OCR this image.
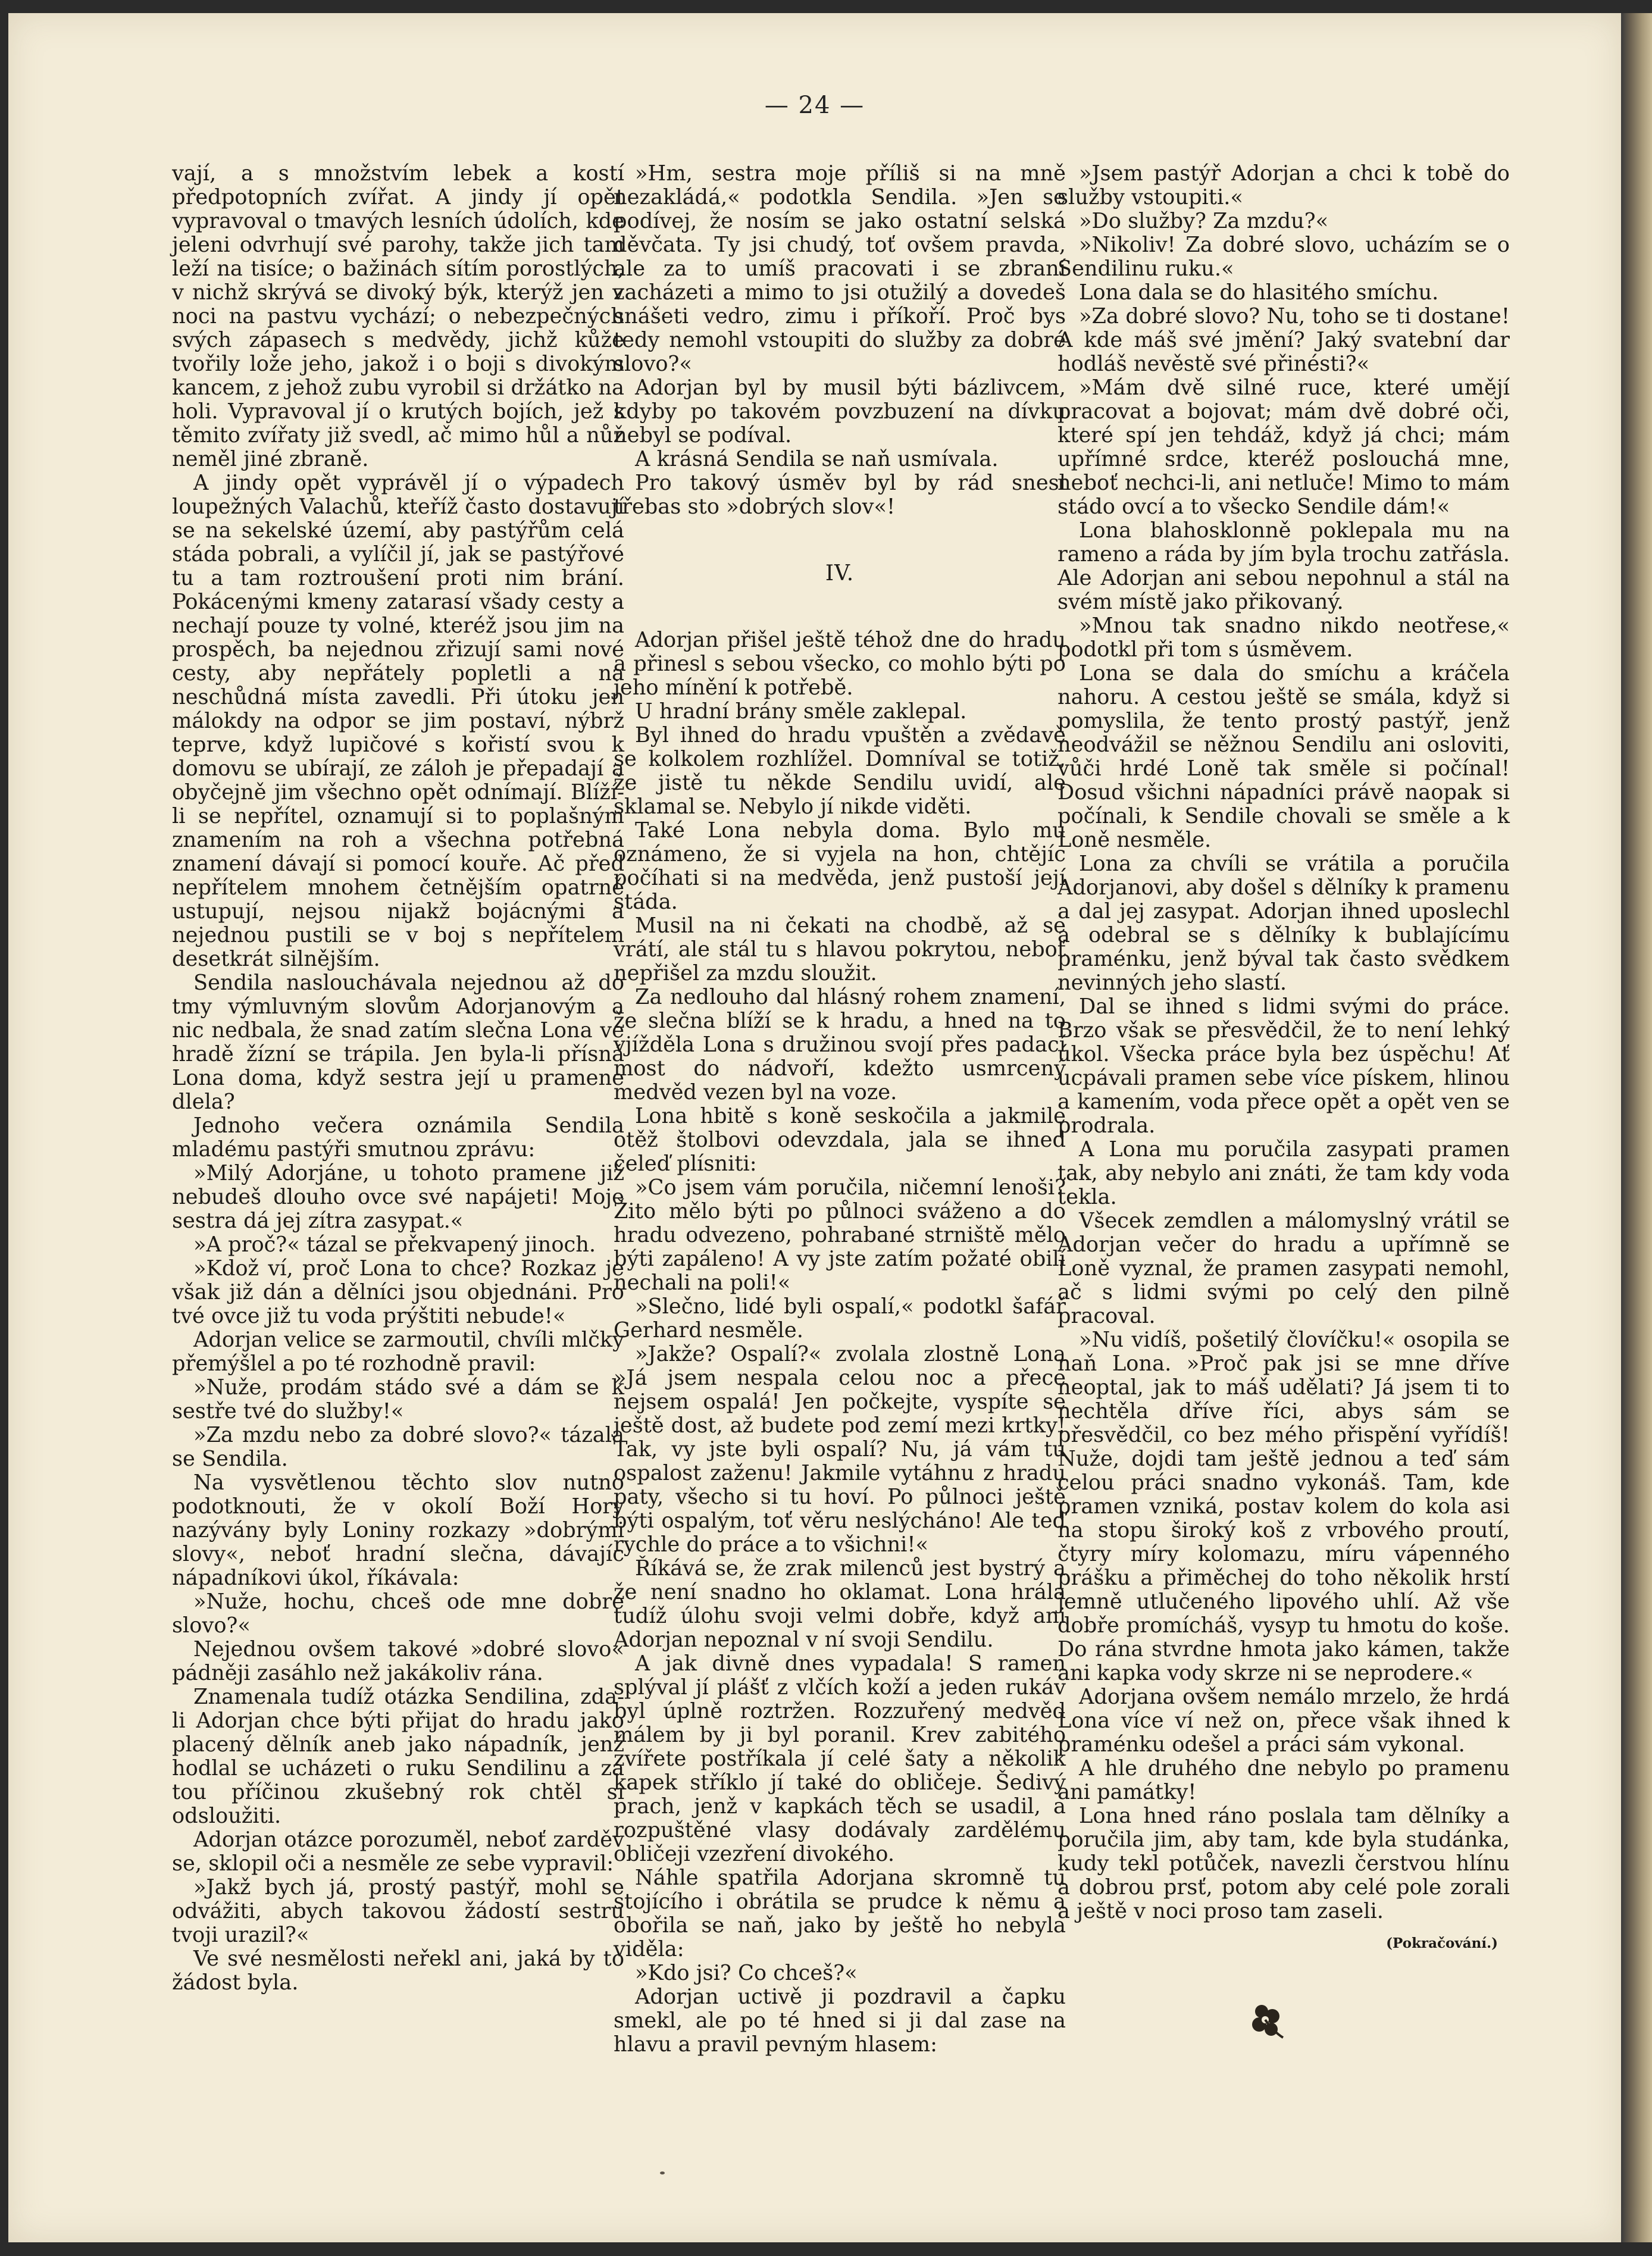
— 24 —

vají, a s množstvím lebek a kostí předpotopních zvířat. A jindy jí opět vypravoval o tmavých lesních údolích, kde jeleni odvrhují své parohy, takže jich tam leží na tisíce; o bažinách sítím porostlých, v nichž skrývá se divoký býk, kterýž jen v noci na pastvu vychází; o nebezpečných svých zápasech s medvědy, jichž kůže tvořily lože jeho, jakož i o boji s divokým kancem, z jehož zubu vyrobil si držátko na holi. Vypravoval jí o krutých bojích, jež s těmito zvířaty již svedl, ač mimo hůl a nůž neměl jiné zbraně.

A jindy opět vyprávěl jí o výpadech loupežných Valachů, kteříž často dostavují se na sekelské území, aby pastýřům celá stáda pobrali, a vylíčil jí, jak se pastýřové tu a tam roztroušení proti nim brání. Pokácenými kmeny zatarasí všady cesty a nechají pouze ty volné, kteréž jsou jim na prospěch, ba nejednou zřizují sami nové cesty, aby nepřátely popletli a na neschůdná místa zavedli. Při útoku jen málokdy na odpor se jim postaví, nýbrž teprve, když lupičové s kořistí svou k domovu se ubírají, ze záloh je přepadají a obyčejně jim všechno opět odnímají. Blíží-li se nepřítel, oznamují si to poplašným znamením na roh a všechna potřebná znamení dávají si pomocí kouře. Ač před nepřítelem mnohem četnějším opatrně ustupují, nejsou nijakž bojácnými a nejednou pustili se v boj s nepřítelem desetkrát silnějším.

Sendila naslouchávala nejednou až do tmy výmluvným slovům Adorjanovým a nic nedbala, že snad zatím slečna Lona ve hradě žízní se trápila. Jen byla-li přísná Lona doma, když sestra její u pramene dlela?

Jednoho večera oznámila Sendila mladému pastýři smutnou zprávu:

»Milý Adorjáne, u tohoto pramene již nebudeš dlouho ovce své napájeti! Moje sestra dá jej zítra zasypat.«

»A proč?« tázal se překvapený jinoch.

»Kdož ví, proč Lona to chce? Rozkaz je však již dán a dělníci jsou objednáni. Pro tvé ovce již tu voda prýštiti nebude!«

Adorjan velice se zarmoutil, chvíli mlčky přemýšlel a po té rozhodně pravil:

»Nuže, prodám stádo své a dám se k sestře tvé do služby!«

»Za mzdu nebo za dobré slovo?« tázala se Sendila.

Na vysvětlenou těchto slov nutno podotknouti, že v okolí Boží Hory nazývány byly Loniny rozkazy »dobrými slovy«, neboť hradní slečna, dávajíc nápadníkovi úkol, říkávala:

»Nuže, hochu, chceš ode mne dobré slovo?«

Nejednou ovšem takové »dobré slovo« pádněji zasáhlo než jakákoliv rána.

Znamenala tudíž otázka Sendilina, zda-li Adorjan chce býti přijat do hradu jako placený dělník aneb jako nápadník, jenž hodlal se ucházeti o ruku Sendilinu a za tou příčinou zkušebný rok chtěl si odsloužiti.

Adorjan otázce porozuměl, neboť zarděv se, sklopil oči a nesměle ze sebe vypravil:

»Jakž bych já, prostý pastýř, mohl se odvážiti, abych takovou žádostí sestru tvoji urazil?«

Ve své nesmělosti neřekl ani, jaká by to žádost byla.

»Hm, sestra moje příliš si na mně nezakládá,« podotkla Sendila. »Jen se podívej, že nosím se jako ostatní selská děvčata. Ty jsi chudý, toť ovšem pravda, ale za to umíš pracovati i se zbraní zacházeti a mimo to jsi otužilý a dovedeš snášeti vedro, zimu i příkoří. Proč bys tedy nemohl vstoupiti do služby za dobré slovo?«

Adorjan byl by musil býti bázlivcem, kdyby po takovém povzbuzení na dívku nebyl se podíval.

A krásná Sendila se naň usmívala.

Pro takový úsměv byl by rád snesl třebas sto »dobrých slov«!

IV.

Adorjan přišel ještě téhož dne do hradu a přinesl s sebou všecko, co mohlo býti po jeho mínění k potřebě.

U hradní brány směle zaklepal.

Byl ihned do hradu vpuštěn a zvědavě se kolkolem rozhlížel. Domníval se totiž, že jistě tu někde Sendilu uvidí, ale sklamal se. Nebylo jí nikde viděti.

Také Lona nebyla doma. Bylo mu oznámeno, že si vyjela na hon, chtějíc počíhati si na medvěda, jenž pustoší její stáda.

Musil na ni čekati na chodbě, až se vrátí, ale stál tu s hlavou pokrytou, neboť nepřišel za mzdu sloužit.

Za nedlouho dal hlásný rohem znamení, že slečna blíží se k hradu, a hned na to vjížděla Lona s družinou svojí přes padací most do nádvoří, kdežto usmrcený medvěd vezen byl na voze.

Lona hbitě s koně seskočila a jakmile otěž štolbovi odevzdala, jala se ihned čeleď plísniti:

»Co jsem vám poručila, ničemní lenoši? Žito mělo býti po půlnoci sváženo a do hradu odvezeno, pohrabané strniště mělo býti zapáleno! A vy jste zatím požaté obilí nechali na poli!«

»Slečno, lidé byli ospalí,« podotkl šafář Gerhard nesměle.

»Jakže? Ospalí?« zvolala zlostně Lona »Já jsem nespala celou noc a přece nejsem ospalá! Jen počkejte, vyspíte se ještě dost, až budete pod zemí mezi krtky! Tak, vy jste byli ospalí? Nu, já vám tu ospalost zaženu! Jakmile vytáhnu z hradu paty, všecho si tu hoví. Po půlnoci ještě býti ospalým, toť věru neslýcháno! Ale teď rychle do práce a to všichni!«

Říkává se, že zrak milenců jest bystrý a že není snadno ho oklamat. Lona hrála tudíž úlohu svoji velmi dobře, když ani Adorjan nepoznal v ní svoji Sendilu.

A jak divně dnes vypadala! S ramen splýval jí plášť z vlčích koží a jeden rukáv byl úplně roztržen. Rozzuřený medvěd málem by ji byl poranil. Krev zabitého zvířete postříkala jí celé šaty a několik kapek stříklo jí také do obličeje. Šedivý prach, jenž v kapkách těch se usadil, a rozpuštěné vlasy dodávaly zardělému obličeji vzezření divokého.

Náhle spatřila Adorjana skromně tu stojícího i obrátila se prudce k němu a obořila se naň, jako by ještě ho nebyla viděla:

»Kdo jsi? Co chceš?«

Adorjan uctivě ji pozdravil a čapku smekl, ale po té hned si ji dal zase na hlavu a pravil pevným hlasem:

»Jsem pastýř Adorjan a chci k tobě do služby vstoupiti.«

»Do služby? Za mzdu?«

»Nikoliv! Za dobré slovo, ucházím se o Sendilinu ruku.«

Lona dala se do hlasitého smíchu.

»Za dobré slovo? Nu, toho se ti dostane! A kde máš své jmění? Jaký svatební dar hodláš nevěstě své přinésti?«

»Mám dvě silné ruce, které umějí pracovat a bojovat; mám dvě dobré oči, které spí jen tehdáž, když já chci; mám upřímné srdce, kteréž poslouchá mne, neboť nechci-li, ani netluče! Mimo to mám stádo ovcí a to všecko Sendile dám!«

Lona blahosklonně poklepala mu na rameno a ráda by jím byla trochu zatřásla. Ale Adorjan ani sebou nepohnul a stál na svém místě jako přikovaný.

»Mnou tak snadno nikdo neotřese,« podotkl při tom s úsměvem.

Lona se dala do smíchu a kráčela nahoru. A cestou ještě se smála, když si pomyslila, že tento prostý pastýř, jenž neodvážil se něžnou Sendilu ani osloviti, vůči hrdé Loně tak směle si počínal! Dosud všichni nápadníci právě naopak si počínali, k Sendile chovali se směle a k Loně nesměle.

Lona za chvíli se vrátila a poručila Adorjanovi, aby došel s dělníky k pramenu a dal jej zasypat. Adorjan ihned uposlechl a odebral se s dělníky k bublajícímu praménku, jenž býval tak často svědkem nevinných jeho slastí.

Dal se ihned s lidmi svými do práce. Brzo však se přesvědčil, že to není lehký úkol. Všecka práce byla bez úspěchu! Ať ucpávali pramen sebe více pískem, hlinou a kamením, voda přece opět a opět ven se prodrala.

A Lona mu poručila zasypati pramen tak, aby nebylo ani znáti, že tam kdy voda tekla.

Všecek zemdlen a málomyslný vrátil se Adorjan večer do hradu a upřímně se Loně vyznal, že pramen zasypati nemohl, ač s lidmi svými po celý den pilně pracoval.

»Nu vidíš, pošetilý človíčku!« osopila se naň Lona. »Proč pak jsi se mne dříve neoptal, jak to máš udělati? Já jsem ti to nechtěla dříve říci, abys sám se přesvědčil, co bez mého přispění vyřídíš! Nuže, dojdi tam ještě jednou a teď sám celou práci snadno vykonáš. Tam, kde pramen vzniká, postav kolem do kola asi na stopu široký koš z vrbového proutí, čtyry míry kolomazu, míru vápenného prášku a přiměchej do toho několik hrstí jemně utlučeného lipového uhlí. Až vše dobře promícháš, vysyp tu hmotu do koše. Do rána stvrdne hmota jako kámen, takže ani kapka vody skrze ni se neprodere.«

Adorjana ovšem nemálo mrzelo, že hrdá Lona více ví než on, přece však ihned k praménku odešel a práci sám vykonal.

A hle druhého dne nebylo po pramenu ani památky!

Lona hned ráno poslala tam dělníky a poručila jim, aby tam, kde byla studánka, kudy tekl potůček, navezli čerstvou hlínu a dobrou prsť, potom aby celé pole zorali a ještě v noci proso tam zaseli.

(Pokračování.)
